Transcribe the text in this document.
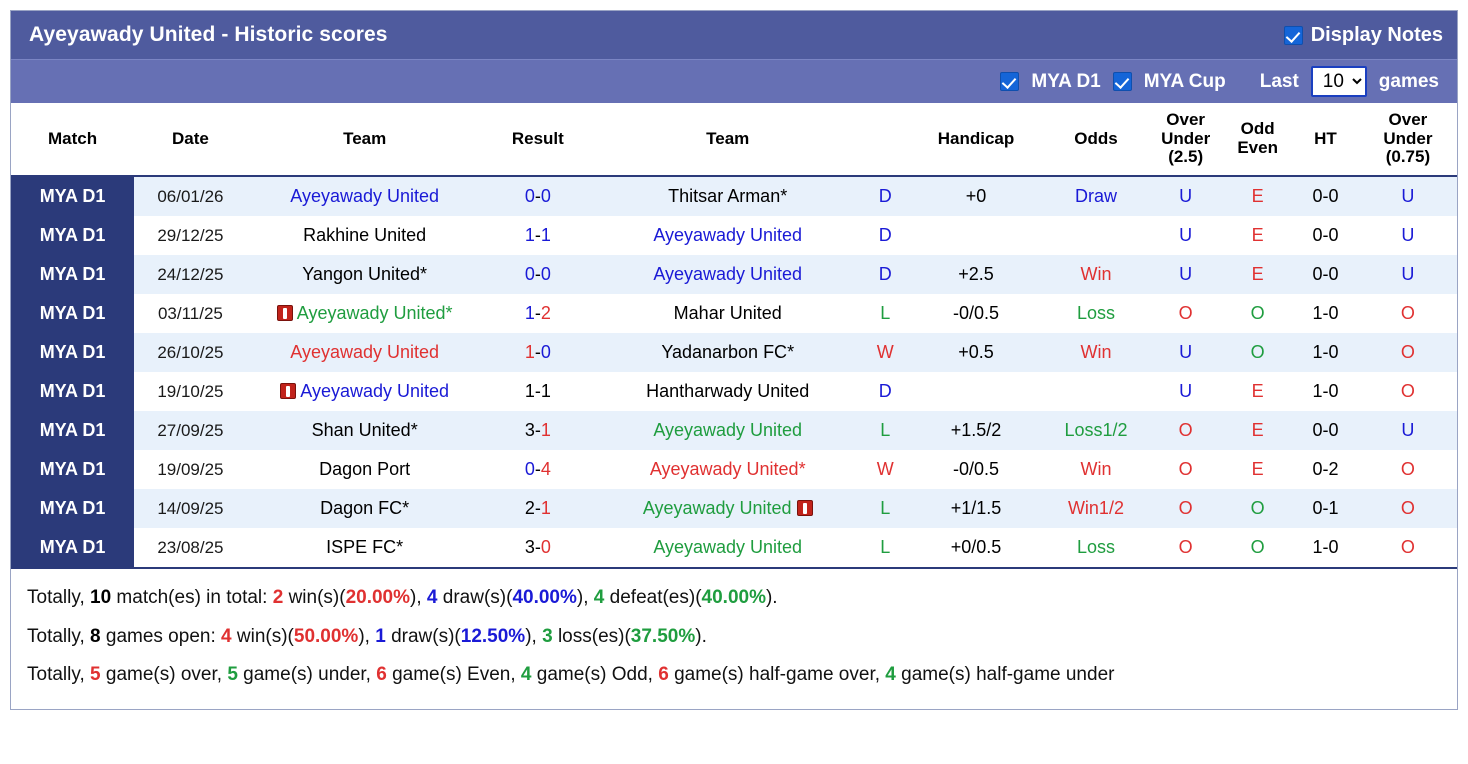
Ayeyawady United - Historic scores	Display Notes
MYA D1 MYA Cup Last
10	games
Match	Date	Team	Result	Team		Handicap	Odds	Over
Under
(2.5)	Odd
Even	HT	Over
Under
(0.75)
MYA D1	06/01/26	Ayeyawady United	0-0	Thitsar Arman*	D	+0	Draw	U	E	0-0	U
MYA D1	29/12/25	Rakhine United	1-1	Ayeyawady United	D			U	E	0-0	U
MYA D1	24/12/25	Yangon United*	0-0	Ayeyawady United	D	+2.5	Win	U	E	0-0	U
MYA D1	03/11/25	Ayeyawady United*	1-2	Mahar United	L	-0/0.5	Loss	O	O	1-0	O
MYA D1	26/10/25	Ayeyawady United	1-0	Yadanarbon FC*	W	+0.5	Win	U	O	1-0	O
MYA D1	19/10/25	Ayeyawady United	1-1	Hantharwady United	D			U	E	1-0	O
MYA D1	27/09/25	Shan United*	3-1	Ayeyawady United	L	+1.5/2	Loss1/2	O	E	0-0	U
MYA D1	19/09/25	Dagon Port	0-4	Ayeyawady United*	W	-0/0.5	Win	O	E	0-2	O
MYA D1	14/09/25	Dagon FC*	2-1	Ayeyawady United	L	+1/1.5	Win1/2	O	O	0-1	O
MYA D1	23/08/25	ISPE FC*	3-0	Ayeyawady United	L	+0/0.5	Loss	O	O	1-0	O

Totally, 10 match(es) in total: 2 win(s)(20.00%), 4 draw(s)(40.00%), 4 defeat(es)(40.00%).

Totally, 8 games open: 4 win(s)(50.00%), 1 draw(s)(12.50%), 3 loss(es)(37.50%).

Totally, 5 game(s) over, 5 game(s) under, 6 game(s) Even, 4 game(s) Odd, 6 game(s) half-game over, 4 game(s) half-game under
